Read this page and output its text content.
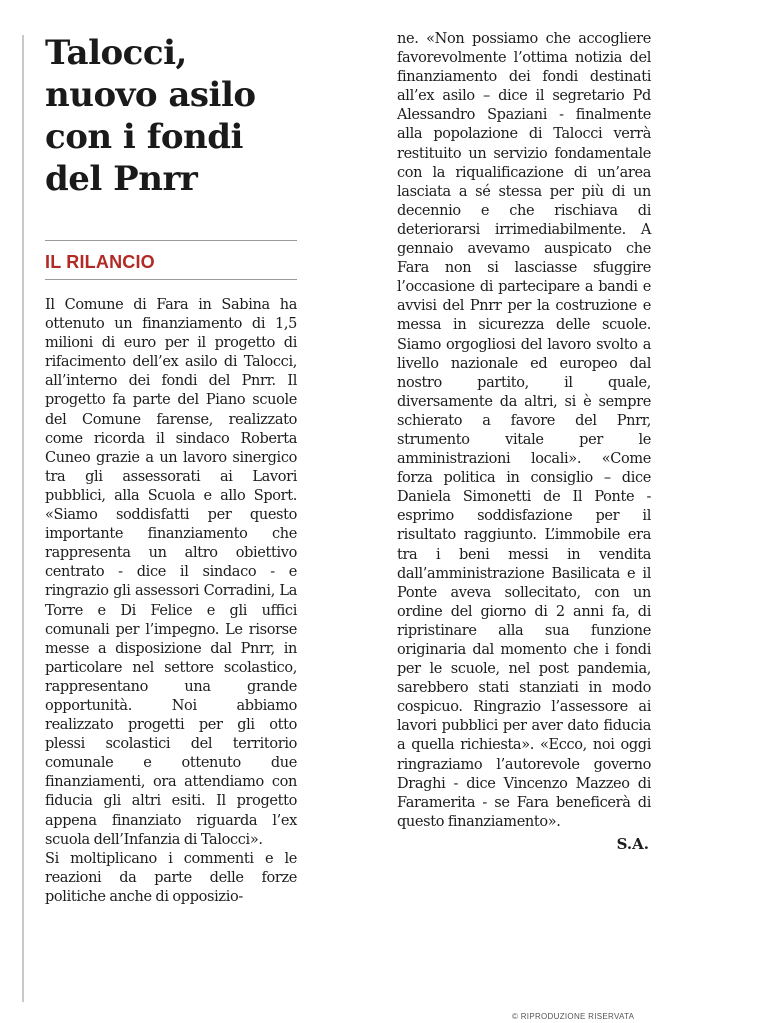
Talocci, nuovo asilo con i fondi del Pnrr
IL RILANCIO

Il Comune di Fara in Sabina ha ottenuto un finanziamento di 1,5 milioni di euro per il progetto di rifacimento dell’ex asilo di Talocci, all’interno dei fondi del Pnrr. Il progetto fa parte del Piano scuole del Comune farense, realizzato come ricorda il sindaco Roberta Cuneo grazie a un lavoro sinergico tra gli assessorati ai Lavori pubblici, alla Scuola e allo Sport. «Siamo soddisfatti per questo importante finanziamento che rappresenta un altro obiettivo centrato - dice il sindaco - e ringrazio gli assessori Corradini, La Torre e Di Felice e gli uffici comunali per l’impegno. Le risorse messe a disposizione dal Pnrr, in particolare nel settore scolastico, rappresentano una grande opportunità. Noi abbiamo realizzato progetti per gli otto plessi scolastici del territorio comunale e ottenuto due finanziamenti, ora attendiamo con fiducia gli altri esiti. Il progetto appena finanziato riguarda l’ex scuola dell’Infanzia di Talocci».

Si moltiplicano i commenti e le reazioni da parte delle forze politiche anche di opposizio-

ne. «Non possiamo che accogliere favorevolmente l’ottima notizia del finanziamento dei fondi destinati all’ex asilo – dice il segretario Pd Alessandro Spaziani - finalmente alla popolazione di Talocci verrà restituito un servizio fondamentale con la riqualificazione di un’area lasciata a sé stessa per più di un decennio e che rischiava di deteriorarsi irrimediabilmente. A gennaio avevamo auspicato che Fara non si lasciasse sfuggire l’occasione di partecipare a bandi e avvisi del Pnrr per la costruzione e messa in sicurezza delle scuole. Siamo orgogliosi del lavoro svolto a livello nazionale ed europeo dal nostro partito, il quale, diversamente da altri, si è sempre schierato a favore del Pnrr, strumento vitale per le amministrazioni locali». «Come forza politica in consiglio – dice Daniela Simonetti de Il Ponte - esprimo soddisfazione per il risultato raggiunto. L’immobile era tra i beni messi in vendita dall’amministrazione Basilicata e il Ponte aveva sollecitato, con un ordine del giorno di 2 anni fa, di ripristinare alla sua funzione originaria dal momento che i fondi per le scuole, nel post pandemia, sarebbero stati stanziati in modo cospicuo. Ringrazio l’assessore ai lavori pubblici per aver dato fiducia a quella richiesta». «Ecco, noi oggi ringraziamo l’autorevole governo Draghi - dice Vincenzo Mazzeo di Faramerita - se Fara beneficerà di questo finanziamento».

S.A.
© RIPRODUZIONE RISERVATA
